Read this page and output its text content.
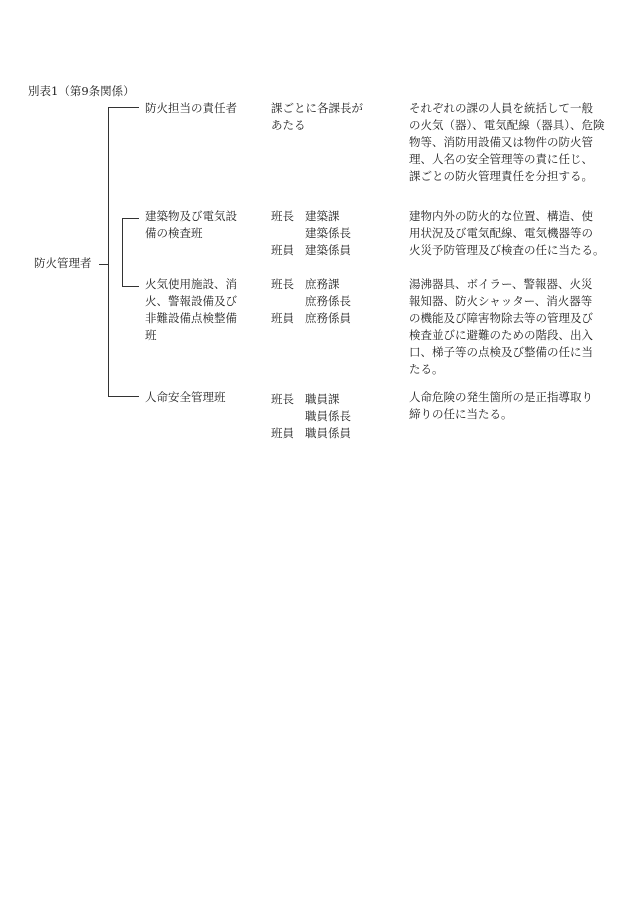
別表1（第9条関係）
防火管理者
防火担当の責任者	課ごとに各課長が
あたる
それぞれの課の人員を統括して一般
の火気（器）、電気配線（器具）、危険
物等、消防用設備又は物件の防火管
理、人名の安全管理等の責に任じ、
課ごとの防火管理責任を分担する。
建築物及び電気設
備の検査班
班長 建築課
建築係長
班員 建築係員
建物内外の防火的な位置、構造、使
用状況及び電気配線、電気機器等の
火災予防管理及び検査の任に当たる。
火気使用施設、消
火、警報設備及び
非難設備点検整備
班
班長 庶務課
庶務係長
班員 庶務係員
湯沸器具、ボイラー、警報器、火災
報知器、防火シャッター、消火器等
の機能及び障害物除去等の管理及び
検査並びに避難のための階段、出入
口、梯子等の点検及び整備の任に当
たる。
人命安全管理班	班長 職員課
職員係長
班員 職員係員
人命危険の発生箇所の是正指導取り
締りの任に当たる。
